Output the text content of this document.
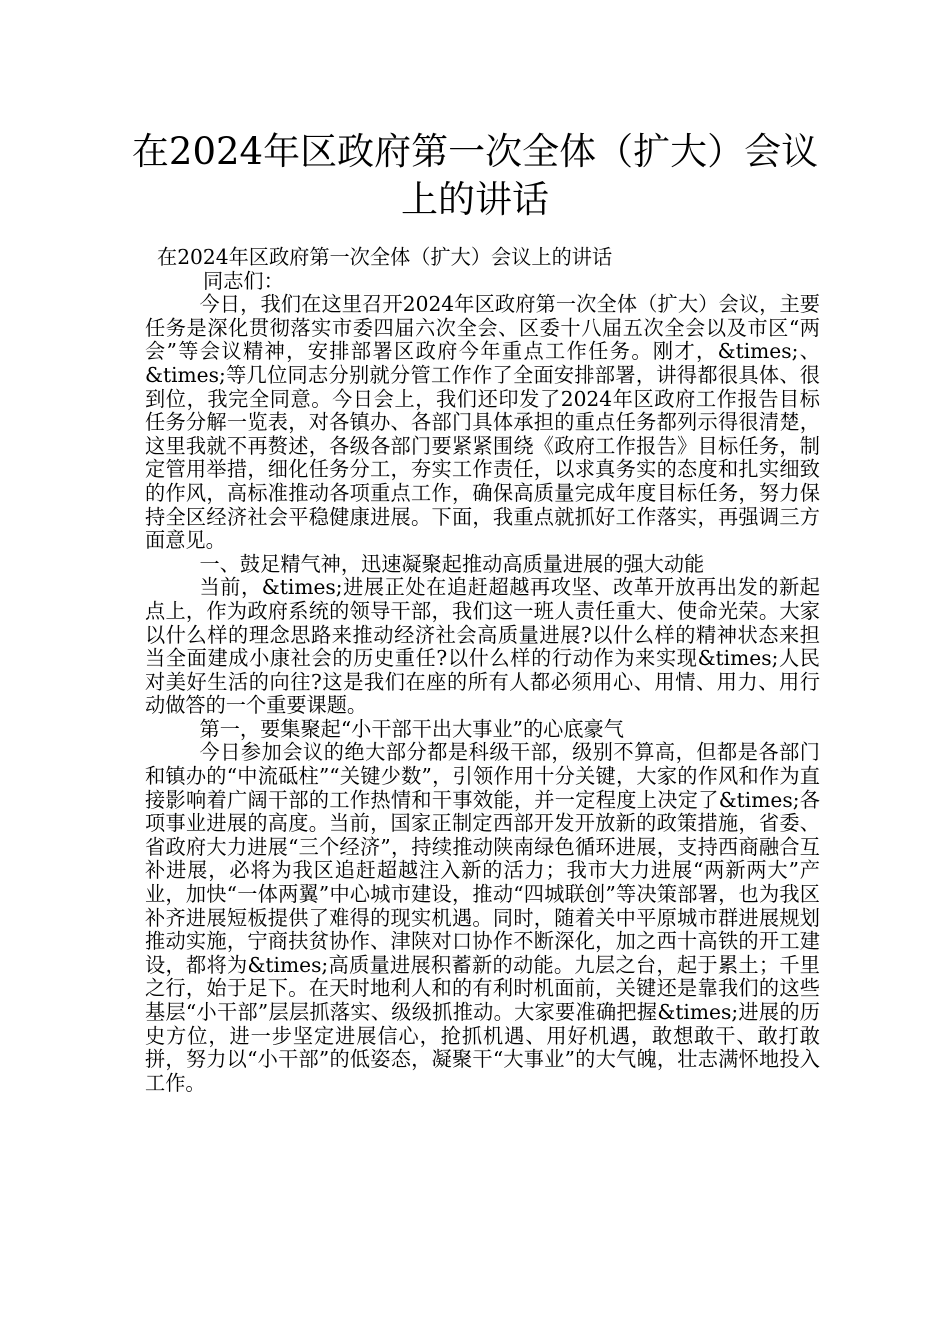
在2024年区政府第一次全体（扩大）会议
上的讲话

在2024年区政府第一次全体（扩大）会议上的讲话

同志们：

今日，我们在这里召开2024年区政府第一次全体（扩大）会议，主要任务是深化贯彻落实市委四届六次全会、区委十八届五次全会以及市区“两会”等会议精神，安排部署区政府今年重点工作任务。刚才，&times;、&times;等几位同志分别就分管工作作了全面安排部署，讲得都很具体、很到位，我完全同意。今日会上，我们还印发了2024年区政府工作报告目标任务分解一览表，对各镇办、各部门具体承担的重点任务都列示得很清楚，这里我就不再赘述，各级各部门要紧紧围绕《政府工作报告》目标任务，制定管用举措，细化任务分工，夯实工作责任，以求真务实的态度和扎实细致的作风，高标准推动各项重点工作，确保高质量完成年度目标任务，努力保持全区经济社会平稳健康进展。下面，我重点就抓好工作落实，再强调三方面意见。

一、鼓足精气神，迅速凝聚起推动高质量进展的强大动能

当前，&times;进展正处在追赶超越再攻坚、改革开放再出发的新起点上，作为政府系统的领导干部，我们这一班人责任重大、使命光荣。大家以什么样的理念思路来推动经济社会高质量进展?以什么样的精神状态来担当全面建成小康社会的历史重任?以什么样的行动作为来实现&times;人民对美好生活的向往?这是我们在座的所有人都必须用心、用情、用力、用行动做答的一个重要课题。

第一，要集聚起“小干部干出大事业”的心底豪气

今日参加会议的绝大部分都是科级干部，级别不算高，但都是各部门和镇办的“中流砥柱”“关键少数”，引领作用十分关键，大家的作风和作为直接影响着广阔干部的工作热情和干事效能，并一定程度上决定了&times;各项事业进展的高度。当前，国家正制定西部开发开放新的政策措施，省委、省政府大力进展“三个经济”，持续推动陕南绿色循环进展，支持西商融合互补进展，必将为我区追赶超越注入新的活力；我市大力进展“两新两大”产业，加快“一体两翼”中心城市建设，推动“四城联创”等决策部署，也为我区补齐进展短板提供了难得的现实机遇。同时，随着关中平原城市群进展规划推动实施，宁商扶贫协作、津陕对口协作不断深化，加之西十高铁的开工建设，都将为&times;高质量进展积蓄新的动能。九层之台，起于累土；千里之行，始于足下。在天时地利人和的有利时机面前，关键还是靠我们的这些基层“小干部”层层抓落实、级级抓推动。大家要准确把握&times;进展的历史方位，进一步坚定进展信心，抢抓机遇、用好机遇，敢想敢干、敢打敢拼，努力以“小干部”的低姿态，凝聚干“大事业”的大气魄，壮志满怀地投入工作。
